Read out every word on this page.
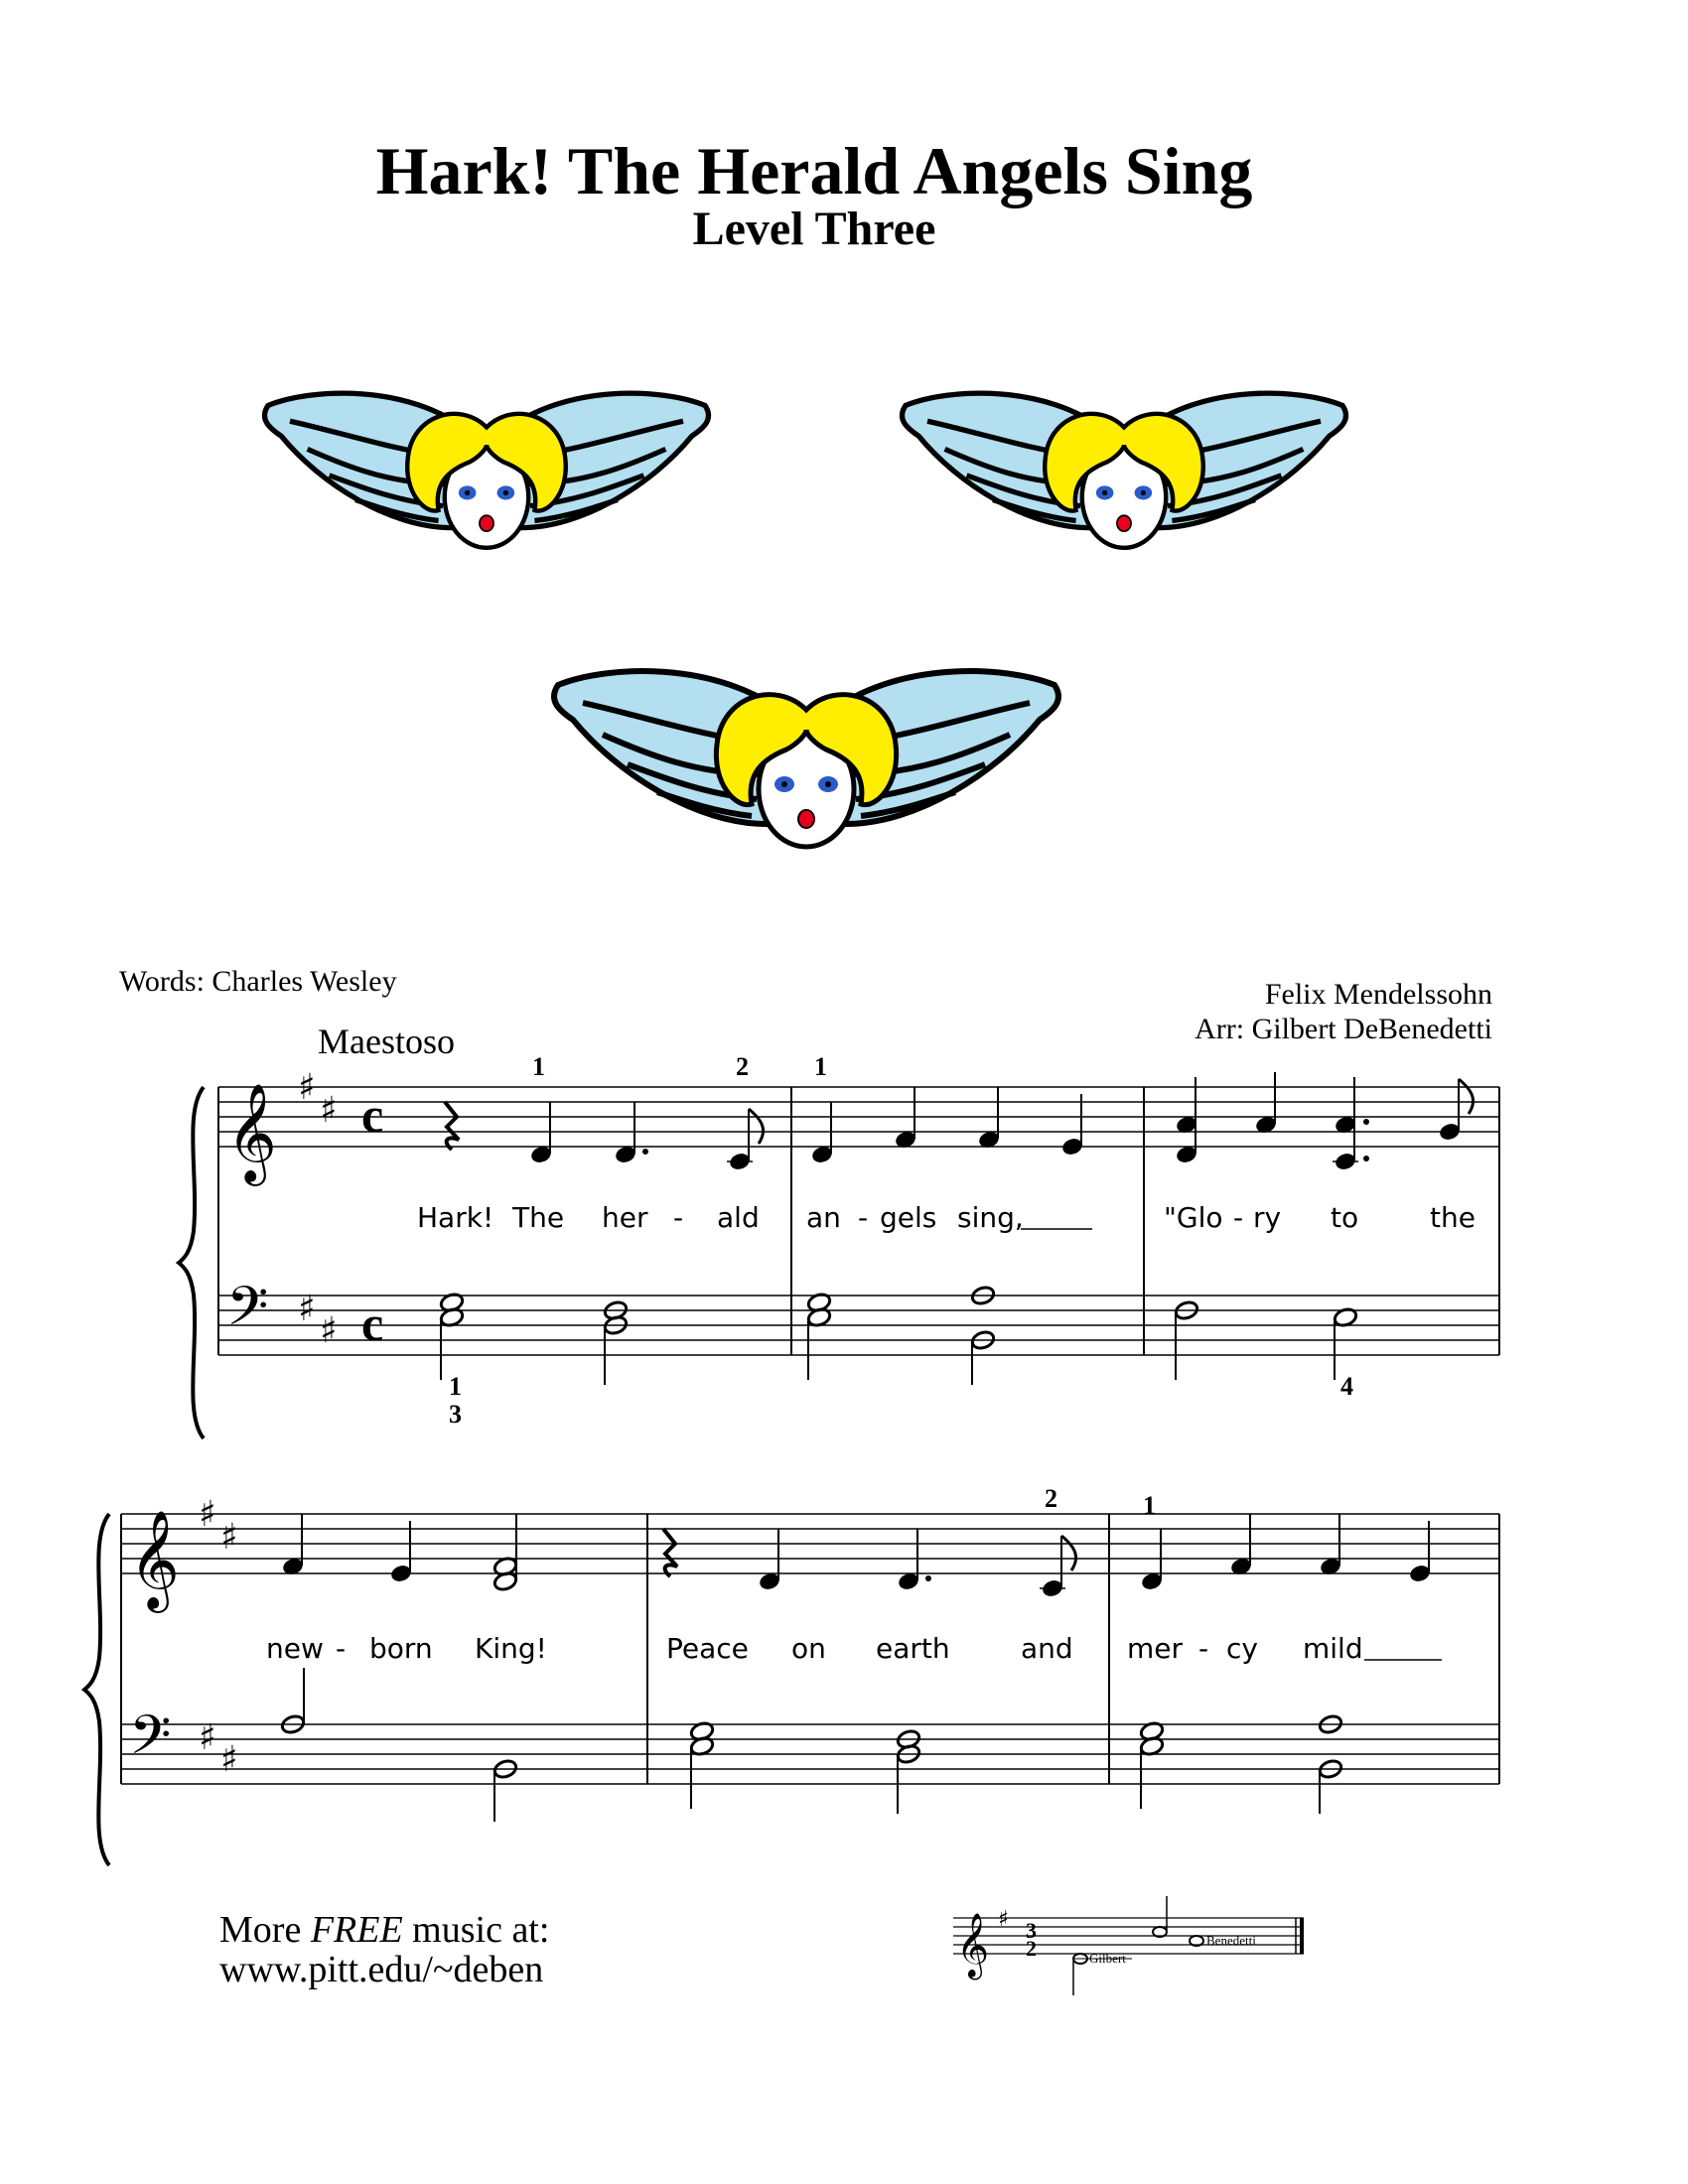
Hark! The Herald Angels Sing
Level Three
Words: Charles Wesley	Felix Mendelssohn
Arr: Gilbert DeBenedetti
Maestoso
𝄞
𝄢
♯
♯
♯
♯
c
c
1	2	1
1
3
4
Hark! The her - ald an - gels sing,	"Glo - ry to	the
𝄞
𝄢
♯
♯
♯
♯
2	1
new - born King!	Peace on earth	and mer - cy mild
𝄞 ♯ 3
2	Gilbert
Benedetti
More FREE music at:
www.pitt.edu/~deben
